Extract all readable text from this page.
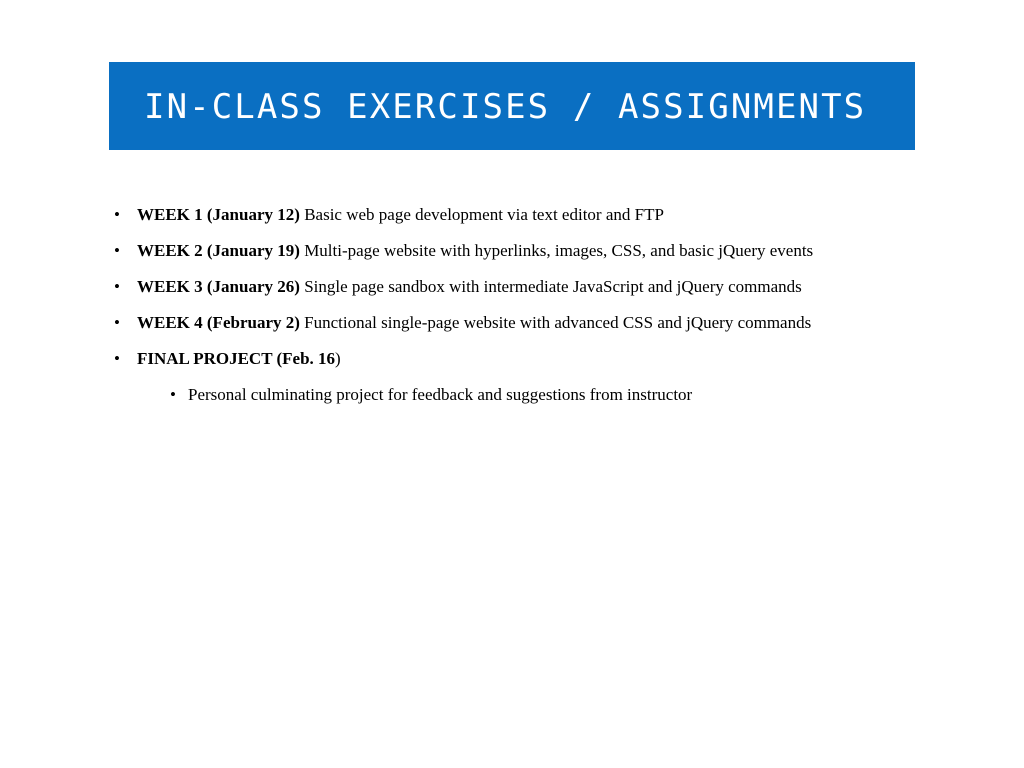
IN-CLASS EXERCISES / ASSIGNMENTS
•	WEEK 1 (January 12) Basic web page development via text editor and FTP
•	WEEK 2 (January 19) Multi-page website with hyperlinks, images, CSS, and basic jQuery events
•	WEEK 3 (January 26) Single page sandbox with intermediate JavaScript and jQuery commands
•	WEEK 4 (February 2) Functional single-page website with advanced CSS and jQuery commands
•	FINAL PROJECT (Feb. 16)
• Personal culminating project for feedback and suggestions from instructor
